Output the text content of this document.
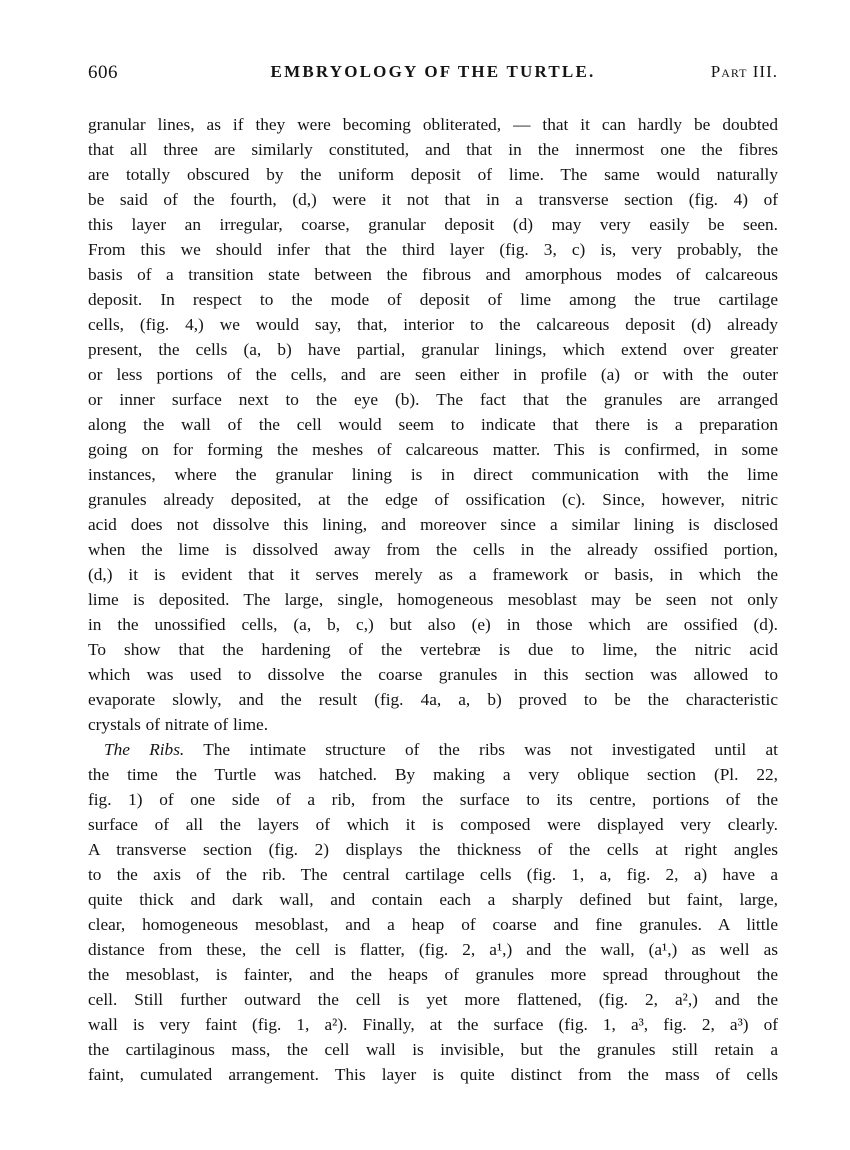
606	EMBRYOLOGY OF THE TURTLE.	Part III.
granular lines, as if they were becoming obliterated, — that it can hardly be doubted
that all three are similarly constituted, and that in the innermost one the fibres
are totally obscured by the uniform deposit of lime. The same would naturally
be said of the fourth, (d,) were it not that in a transverse section (fig. 4) of
this layer an irregular, coarse, granular deposit (d) may very easily be seen.
From this we should infer that the third layer (fig. 3, c) is, very probably, the
basis of a transition state between the fibrous and amorphous modes of calcareous
deposit. In respect to the mode of deposit of lime among the true cartilage
cells, (fig. 4,) we would say, that, interior to the calcareous deposit (d) already
present, the cells (a, b) have partial, granular linings, which extend over greater
or less portions of the cells, and are seen either in profile (a) or with the outer
or inner surface next to the eye (b). The fact that the granules are arranged
along the wall of the cell would seem to indicate that there is a preparation
going on for forming the meshes of calcareous matter. This is confirmed, in some
instances, where the granular lining is in direct communication with the lime
granules already deposited, at the edge of ossification (c). Since, however, nitric
acid does not dissolve this lining, and moreover since a similar lining is disclosed
when the lime is dissolved away from the cells in the already ossified portion,
(d,) it is evident that it serves merely as a framework or basis, in which the
lime is deposited. The large, single, homogeneous mesoblast may be seen not only
in the unossified cells, (a, b, c,) but also (e) in those which are ossified (d).
To show that the hardening of the vertebræ is due to lime, the nitric acid
which was used to dissolve the coarse granules in this section was allowed to
evaporate slowly, and the result (fig. 4a, a, b) proved to be the characteristic
crystals of nitrate of lime.
The Ribs. The intimate structure of the ribs was not investigated until at
the time the Turtle was hatched. By making a very oblique section (Pl. 22,
fig. 1) of one side of a rib, from the surface to its centre, portions of the
surface of all the layers of which it is composed were displayed very clearly.
A transverse section (fig. 2) displays the thickness of the cells at right angles
to the axis of the rib. The central cartilage cells (fig. 1, a, fig. 2, a) have a
quite thick and dark wall, and contain each a sharply defined but faint, large,
clear, homogeneous mesoblast, and a heap of coarse and fine granules. A little
distance from these, the cell is flatter, (fig. 2, a¹,) and the wall, (a¹,) as well as
the mesoblast, is fainter, and the heaps of granules more spread throughout the
cell. Still further outward the cell is yet more flattened, (fig. 2, a²,) and the
wall is very faint (fig. 1, a²). Finally, at the surface (fig. 1, a³, fig. 2, a³) of
the cartilaginous mass, the cell wall is invisible, but the granules still retain a
faint, cumulated arrangement. This layer is quite distinct from the mass of cells
